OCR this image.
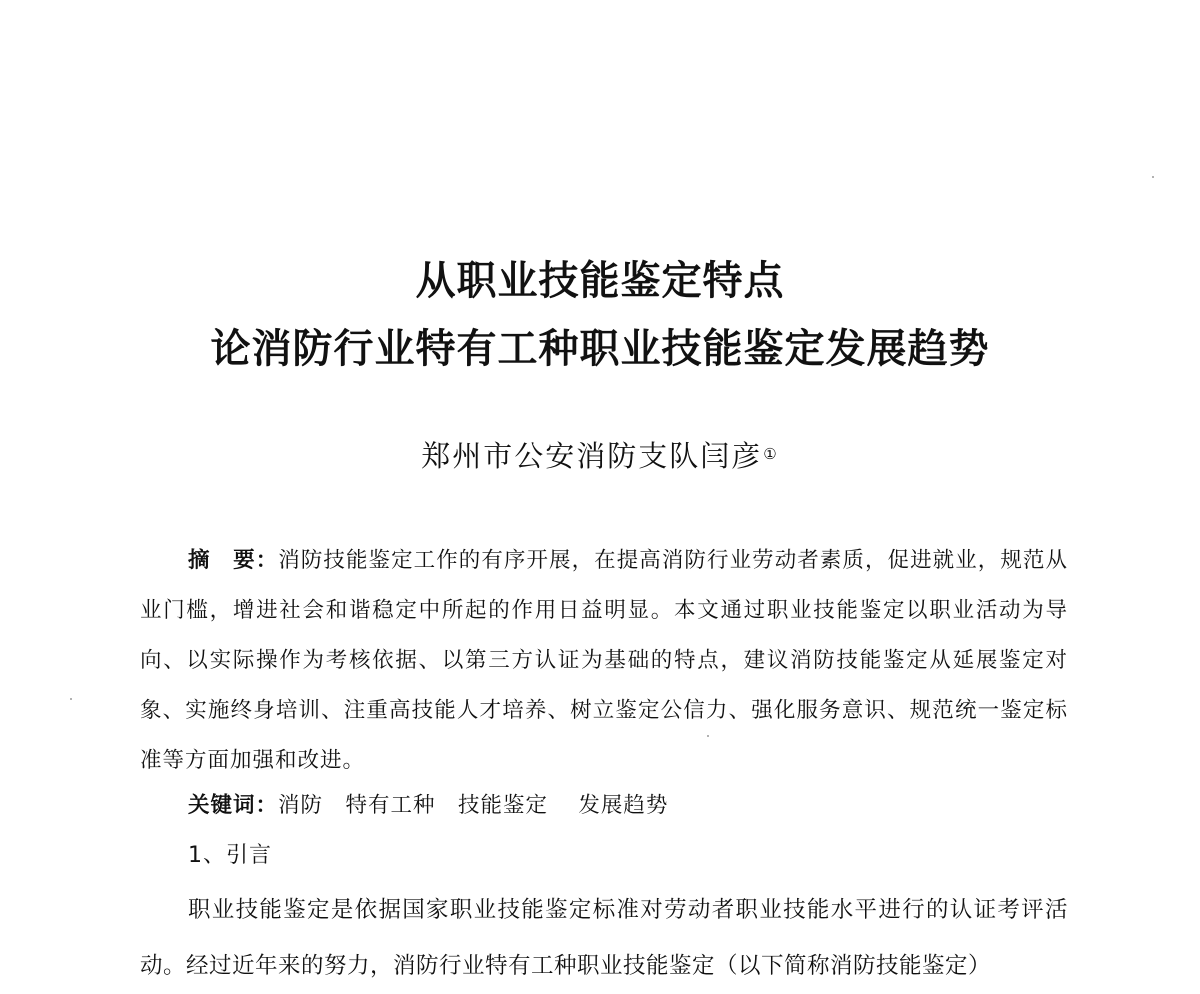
从职业技能鉴定特点
论消防行业特有工种职业技能鉴定发展趋势
郑州市公安消防支队闫彦①

摘　要：消防技能鉴定工作的有序开展，在提高消防行业劳动者素质，促进就业，规范从业门槛，增进社会和谐稳定中所起的作用日益明显。本文通过职业技能鉴定以职业活动为导向、以实际操作为考核依据、以第三方认证为基础的特点，建议消防技能鉴定从延展鉴定对象、实施终身培训、注重高技能人才培养、树立鉴定公信力、强化服务意识、规范统一鉴定标准等方面加强和改进。

关键词：消防　特有工种　技能鉴定　 发展趋势
1、引言

职业技能鉴定是依据国家职业技能鉴定标准对劳动者职业技能水平进行的认证考评活动。经过近年来的努力，消防行业特有工种职业技能鉴定（以下简称消防技能鉴定）
